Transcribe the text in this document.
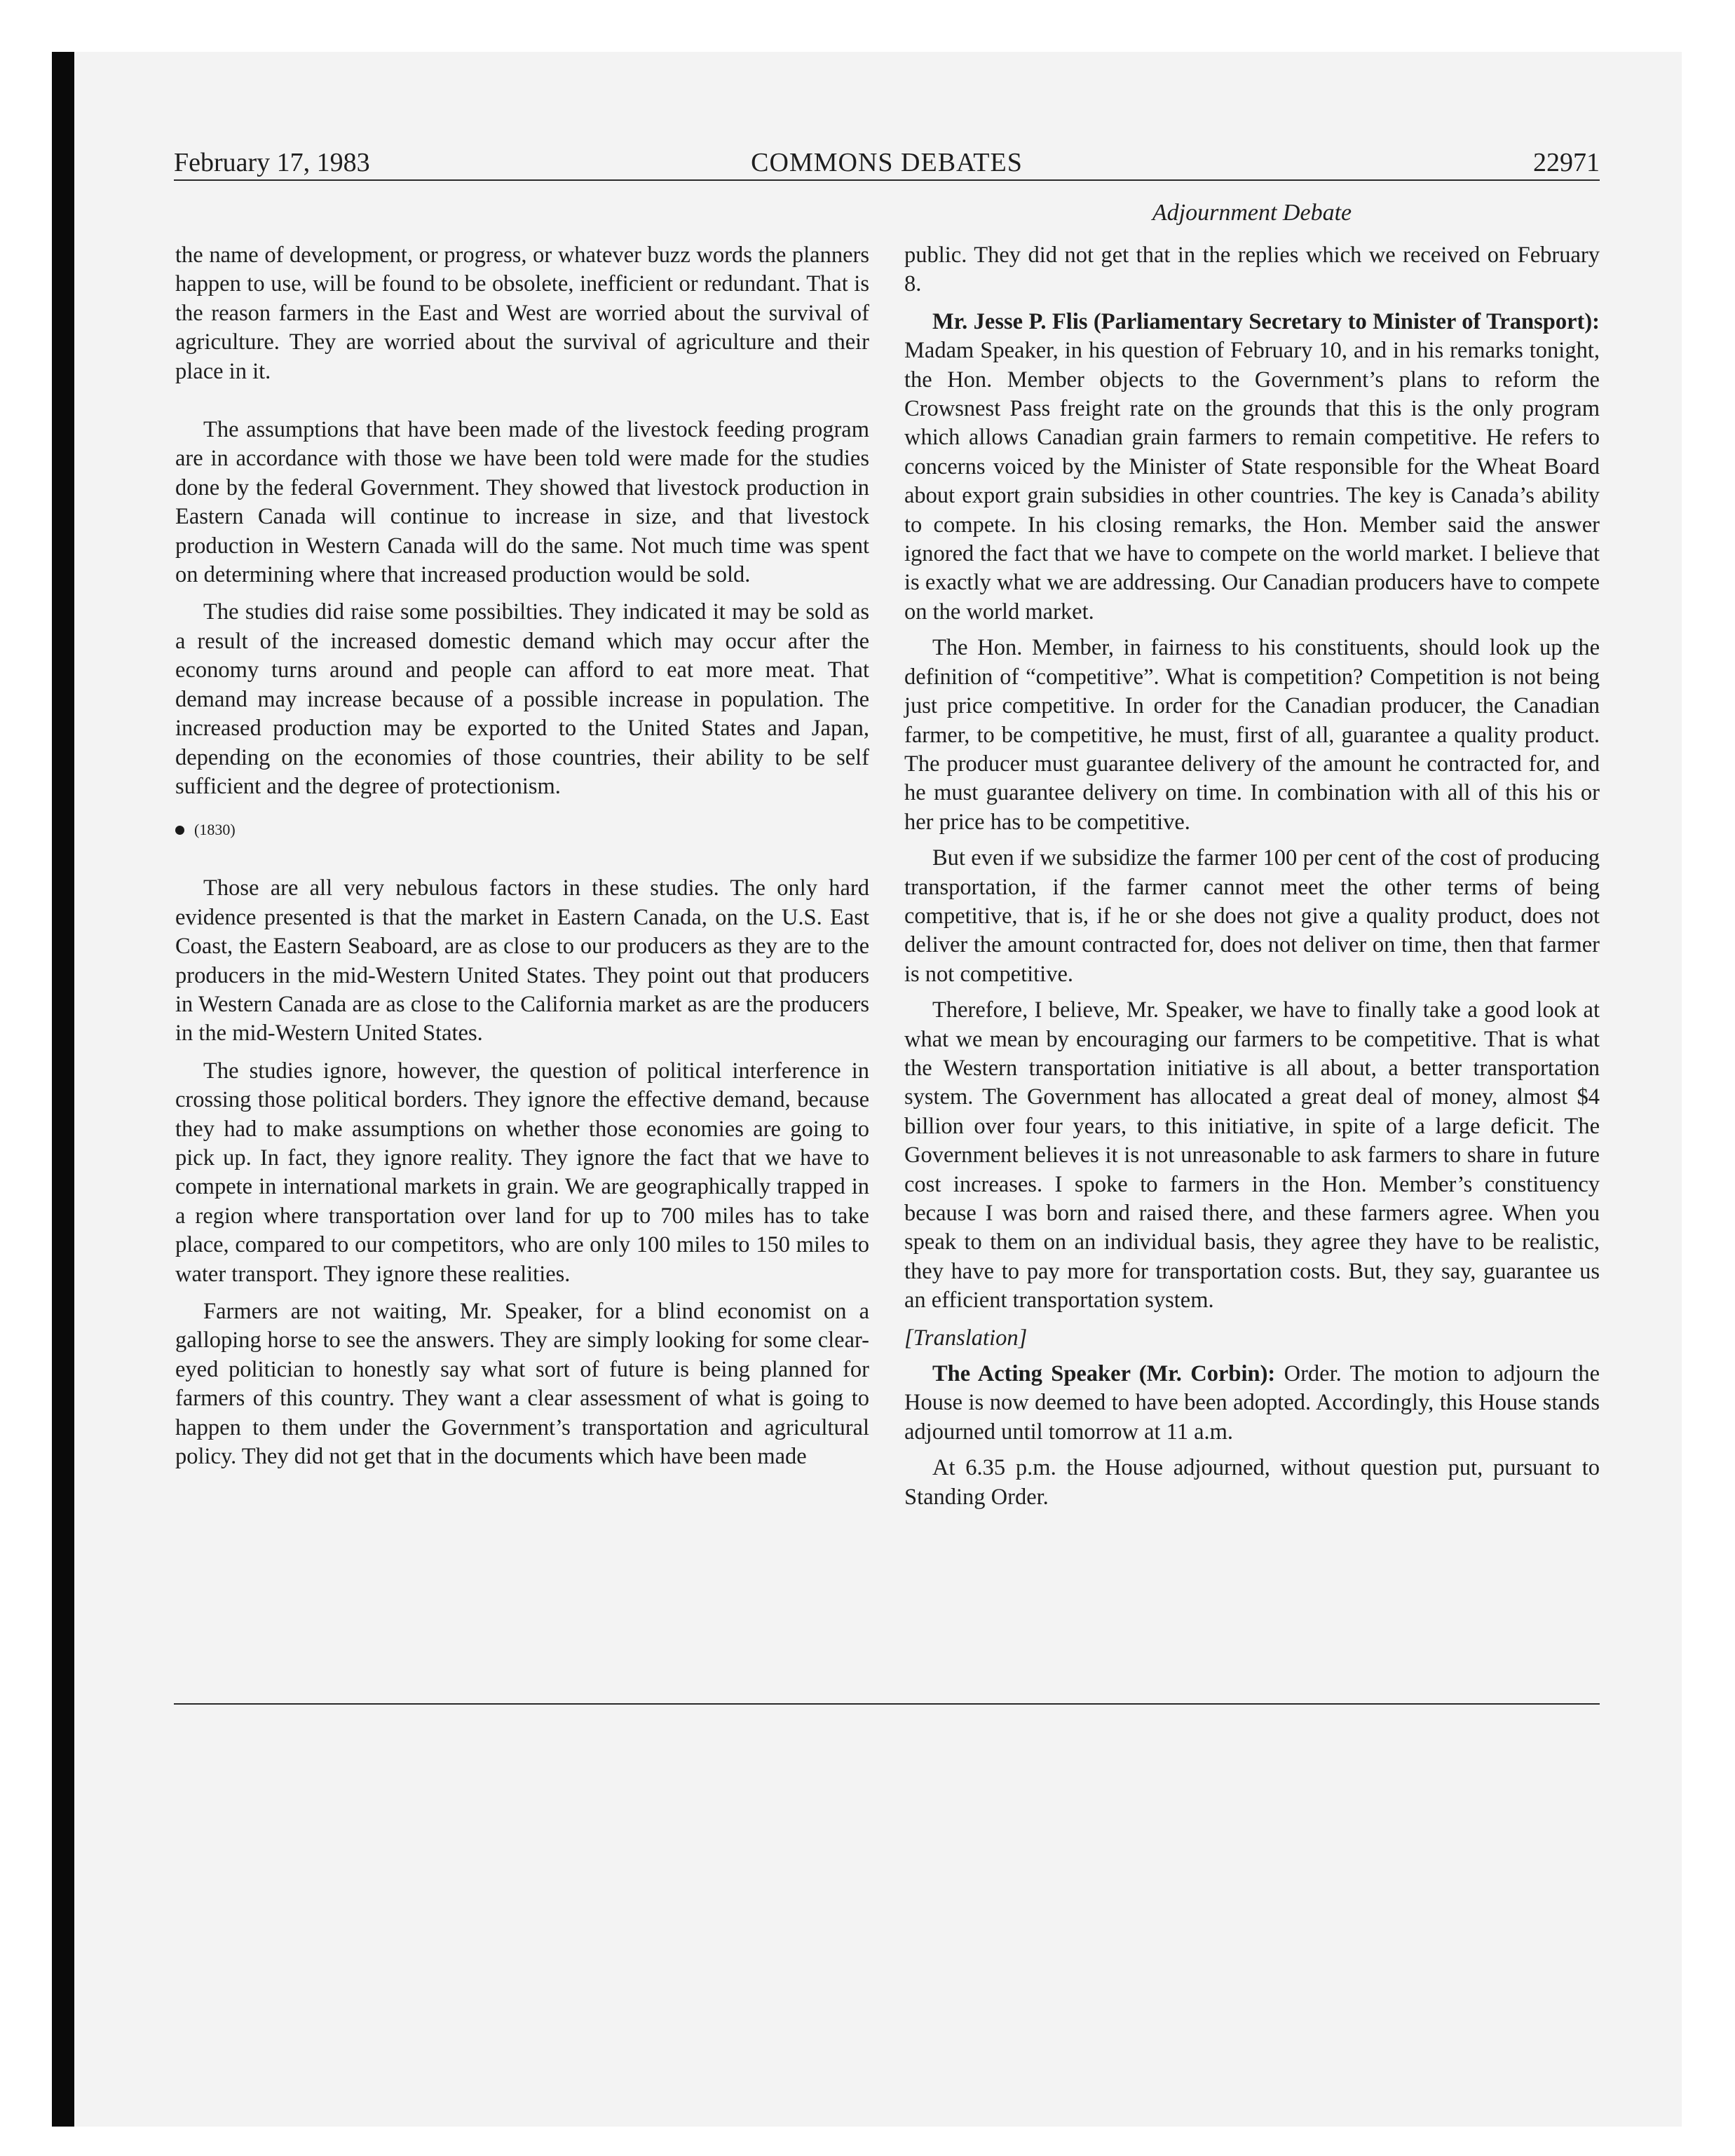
February 17, 1983	COMMONS DEBATES	22971
Adjournment Debate

the name of development, or progress, or whatever buzz words the planners happen to use, will be found to be obsolete, inefficient or redundant. That is the reason farmers in the East and West are worried about the survival of agriculture. They are worried about the survival of agriculture and their place in it.

The assumptions that have been made of the livestock feeding program are in accordance with those we have been told were made for the studies done by the federal Government. They showed that livestock production in Eastern Canada will continue to increase in size, and that livestock production in Western Canada will do the same. Not much time was spent on determining where that increased production would be sold.

The studies did raise some possibilties. They indicated it may be sold as a result of the increased domestic demand which may occur after the economy turns around and people can afford to eat more meat. That demand may increase because of a possible increase in population. The increased production may be exported to the United States and Japan, depending on the economies of those countries, their ability to be self sufficient and the degree of protectionism.

(1830)

Those are all very nebulous factors in these studies. The only hard evidence presented is that the market in Eastern Canada, on the U.S. East Coast, the Eastern Seaboard, are as close to our producers as they are to the producers in the mid-Western United States. They point out that producers in Western Canada are as close to the California market as are the producers in the mid-Western United States.

The studies ignore, however, the question of political interference in crossing those political borders. They ignore the effective demand, because they had to make assumptions on whether those economies are going to pick up. In fact, they ignore reality. They ignore the fact that we have to compete in international markets in grain. We are geographically trapped in a region where transportation over land for up to 700 miles has to take place, compared to our competitors, who are only 100 miles to 150 miles to water transport. They ignore these realities.

Farmers are not waiting, Mr. Speaker, for a blind economist on a galloping horse to see the answers. They are simply looking for some clear-eyed politician to honestly say what sort of future is being planned for farmers of this country. They want a clear assessment of what is going to happen to them under the Government’s transportation and agricultural policy. They did not get that in the documents which have been made

public. They did not get that in the replies which we received on February 8.

Mr. Jesse P. Flis (Parliamentary Secretary to Minister of Transport): Madam Speaker, in his question of February 10, and in his remarks tonight, the Hon. Member objects to the Government’s plans to reform the Crowsnest Pass freight rate on the grounds that this is the only program which allows Canadian grain farmers to remain competitive. He refers to concerns voiced by the Minister of State responsible for the Wheat Board about export grain subsidies in other countries. The key is Canada’s ability to compete. In his closing remarks, the Hon. Member said the answer ignored the fact that we have to compete on the world market. I believe that is exactly what we are addressing. Our Canadian producers have to compete on the world market.

The Hon. Member, in fairness to his constituents, should look up the definition of “competitive”. What is competition? Competition is not being just price competitive. In order for the Canadian producer, the Canadian farmer, to be competitive, he must, first of all, guarantee a quality product. The producer must guarantee delivery of the amount he contracted for, and he must guarantee delivery on time. In combination with all of this his or her price has to be competitive.

But even if we subsidize the farmer 100 per cent of the cost of producing transportation, if the farmer cannot meet the other terms of being competitive, that is, if he or she does not give a quality product, does not deliver the amount contracted for, does not deliver on time, then that farmer is not competitive.

Therefore, I believe, Mr. Speaker, we have to finally take a good look at what we mean by encouraging our farmers to be competitive. That is what the Western transportation initiative is all about, a better transportation system. The Government has allocated a great deal of money, almost $4 billion over four years, to this initiative, in spite of a large deficit. The Government believes it is not unreasonable to ask farmers to share in future cost increases. I spoke to farmers in the Hon. Member’s constituency because I was born and raised there, and these farmers agree. When you speak to them on an individual basis, they agree they have to be realistic, they have to pay more for transportation costs. But, they say, guarantee us an efficient transportation system.

[Translation]

The Acting Speaker (Mr. Corbin): Order. The motion to adjourn the House is now deemed to have been adopted. Accordingly, this House stands adjourned until tomorrow at 11 a.m.

At 6.35 p.m. the House adjourned, without question put, pursuant to Standing Order.
